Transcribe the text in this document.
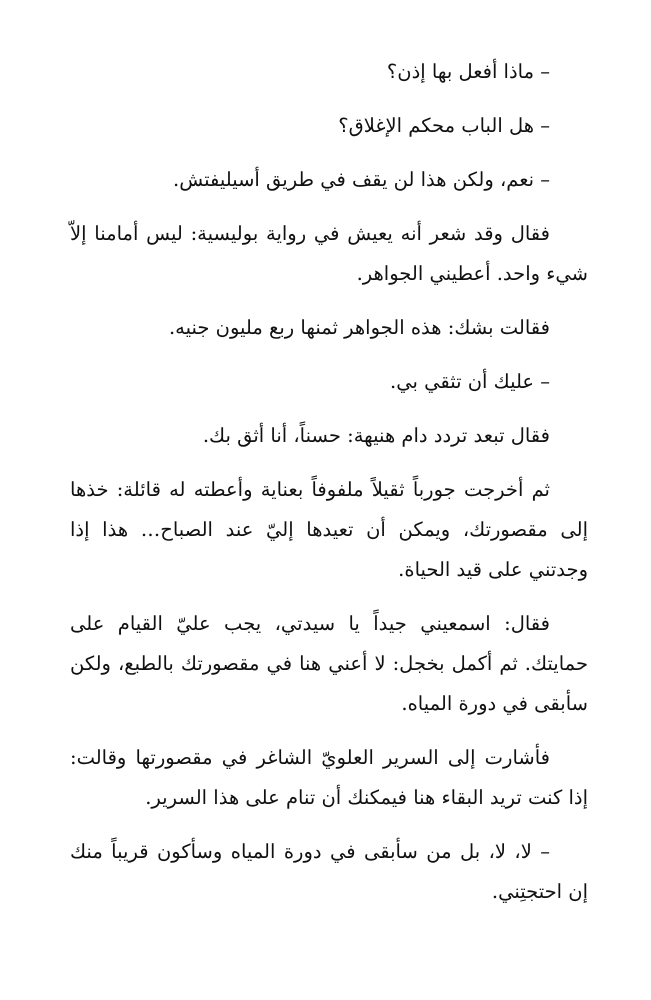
– ماذا أفعل بها إذن؟

– هل الباب محكم الإغلاق؟

– نعم، ولكن هذا لن يقف في طريق أسيليفتش.

فقال وقد شعر أنه يعيش في رواية بوليسية: ليس أمامنا إلاّ شيء واحد. أعطيني الجواهر.

فقالت بشك: هذه الجواهر ثمنها ربع مليون جنيه.

– عليك أن تثقي بي.

فقال تبعد تردد دام هنيهة: حسناً، أنا أثق بك.

ثم أخرجت جورباً ثقيلاً ملفوفاً بعناية وأعطته له قائلة: خذها إلى مقصورتك، ويمكن أن تعيدها إليّ عند الصباح… هذا إذا وجدتني على قيد الحياة.

فقال: اسمعيني جيداً يا سيدتي، يجب عليّ القيام على حمايتك. ثم أكمل بخجل: لا أعني هنا في مقصورتك بالطبع، ولكن سأبقى في دورة المياه.

فأشارت إلى السرير العلويّ الشاغر في مقصورتها وقالت: إذا كنت تريد البقاء هنا فيمكنك أن تنام على هذا السرير.

– لا، لا، بل من سأبقى في دورة المياه وسأكون قريباً منك إن احتجتِني.
